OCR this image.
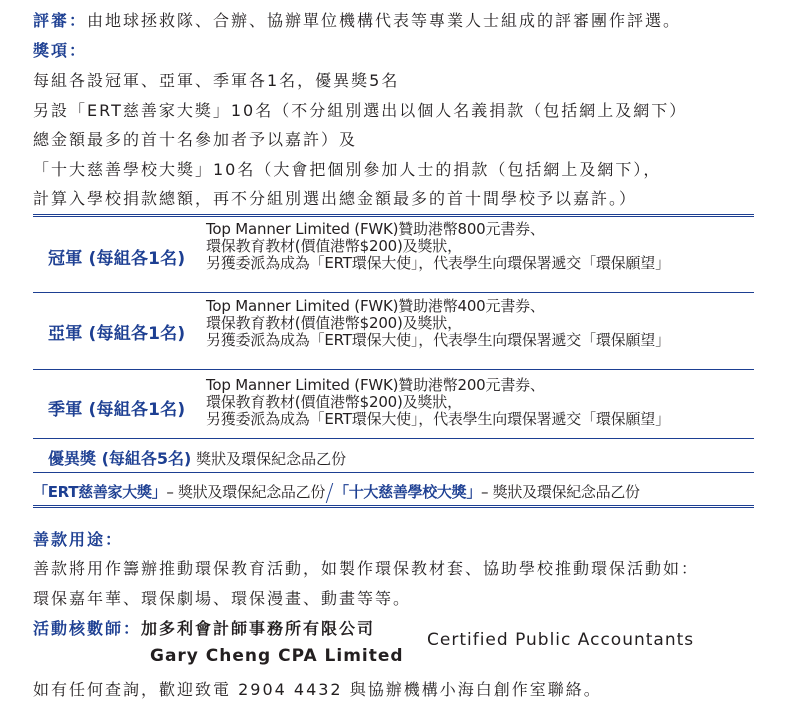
評審：由地球拯救隊、合辦、協辦單位機構代表等專業人士組成的評審團作評選。
獎項：
每組各設冠軍、亞軍、季軍各1名，優異獎5名
另設「ERT慈善家大獎」10名（不分組別選出以個人名義捐款（包括網上及網下）
總金額最多的首十名參加者予以嘉許）及
「十大慈善學校大獎」10名（大會把個別參加人士的捐款（包括網上及網下），
計算入學校捐款總額，再不分組別選出總金額最多的首十間學校予以嘉許。）
冠軍 (每組各1名)
Top Manner Limited (FWK)贊助港幣800元書券、
環保教育教材(價值港幣$200)及獎狀，
另獲委派為成為「ERT環保大使」，代表學生向環保署遞交「環保願望」
亞軍 (每組各1名)
Top Manner Limited (FWK)贊助港幣400元書券、
環保教育教材(價值港幣$200)及獎狀，
另獲委派為成為「ERT環保大使」，代表學生向環保署遞交「環保願望」
季軍 (每組各1名)
Top Manner Limited (FWK)贊助港幣200元書券、
環保教育教材(價值港幣$200)及獎狀，
另獲委派為成為「ERT環保大使」，代表學生向環保署遞交「環保願望」
優異獎 (每組各5名) 獎狀及環保紀念品乙份
「ERT慈善家大獎」– 獎狀及環保紀念品乙份 「十大慈善學校大獎」– 獎狀及環保紀念品乙份
善款用途：
善款將用作籌辦推動環保教育活動，如製作環保教材套、協助學校推動環保活動如：
環保嘉年華、環保劇場、環保漫畫、動畫等等。
活動核數師：加多利會計師事務所有限公司
Gary Cheng CPA Limited
Certified Public Accountants
如有任何查詢，歡迎致電 2904 4432 與協辦機構小海白創作室聯絡。
